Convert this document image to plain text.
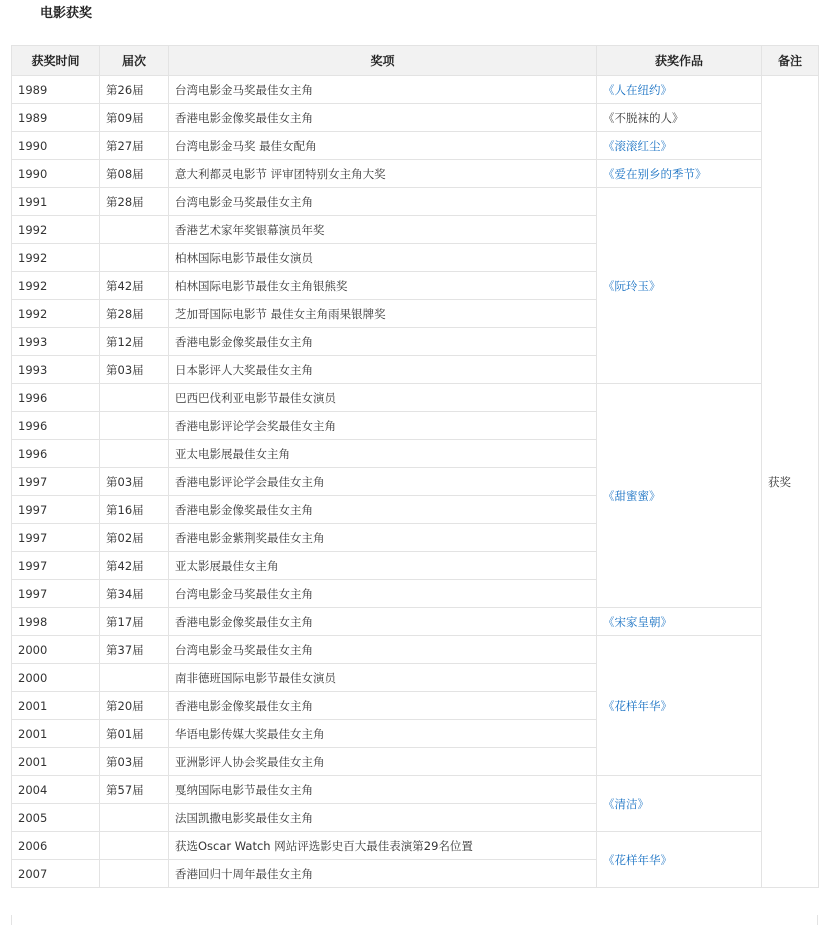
电影获奖
获奖时间	届次	奖项	获奖作品	备注
1989	第26届	台湾电影金马奖最佳女主角	《人在纽约》	获奖
1989	第09届	香港电影金像奖最佳女主角	《不脱袜的人》	
1990	第27届	台湾电影金马奖 最佳女配角	《滚滚红尘》	
1990	第08届	意大利都灵电影节 评审团特别女主角大奖	《爱在别乡的季节》	
1991	第28届	台湾电影金马奖最佳女主角	《阮玲玉》	
1992		香港艺术家年奖银幕演员年奖		
1992		柏林国际电影节最佳女演员		
1992	第42届	柏林国际电影节最佳女主角银熊奖		
1992	第28届	芝加哥国际电影节 最佳女主角雨果银牌奖		
1993	第12届	香港电影金像奖最佳女主角		
1993	第03届	日本影评人大奖最佳女主角		
1996		巴西巴伐利亚电影节最佳女演员	《甜蜜蜜》	
1996		香港电影评论学会奖最佳女主角		
1996		亚太电影展最佳女主角		
1997	第03届	香港电影评论学会最佳女主角		
1997	第16届	香港电影金像奖最佳女主角		
1997	第02届	香港电影金紫荆奖最佳女主角		
1997	第42届	亚太影展最佳女主角		
1997	第34届	台湾电影金马奖最佳女主角		
1998	第17届	香港电影金像奖最佳女主角	《宋家皇朝》	
2000	第37届	台湾电影金马奖最佳女主角	《花样年华》	
2000		南非德班国际电影节最佳女演员		
2001	第20届	香港电影金像奖最佳女主角		
2001	第01届	华语电影传媒大奖最佳女主角		
2001	第03届	亚洲影评人协会奖最佳女主角		
2004	第57届	戛纳国际电影节最佳女主角	《清洁》	
2005		法国凯撒电影奖最佳女主角		
2006		获选Oscar Watch 网站评选影史百大最佳表演第29名位置	《花样年华》	
2007		香港回归十周年最佳女主角		
